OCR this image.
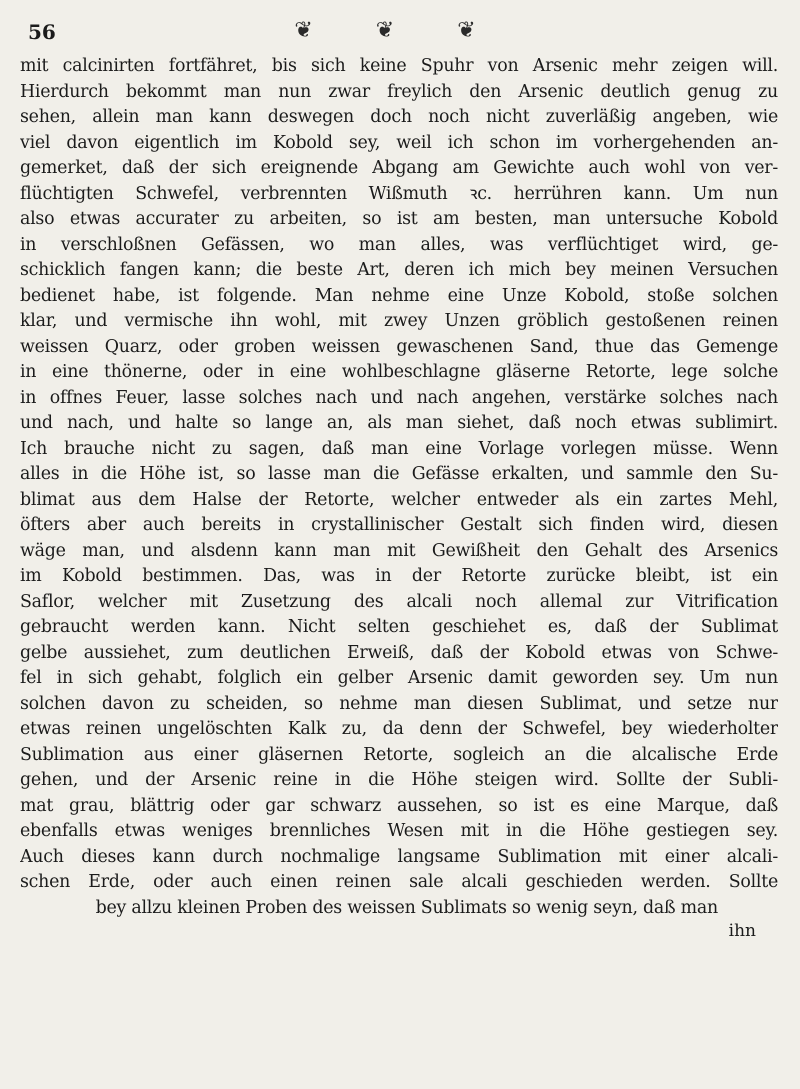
56	❦ ❦ ❦
mit calcinirten fortfähret, bis sich keine Spuhr von Arsenic mehr zeigen will.
Hierdurch bekommt man nun zwar freylich den Arsenic deutlich genug zu
sehen, allein man kann deswegen doch noch nicht zuverläßig angeben, wie
viel davon eigentlich im Kobold sey, weil ich schon im vorhergehenden an-
gemerket, daß der sich ereignende Abgang am Gewichte auch wohl von ver-
flüchtigten Schwefel, verbrennten Wißmuth ꝛc. herrühren kann. Um nun
also etwas accurater zu arbeiten, so ist am besten, man untersuche Kobold
in verschloßnen Gefässen, wo man alles, was verflüchtiget wird, ge-
schicklich fangen kann; die beste Art, deren ich mich bey meinen Versuchen
bedienet habe, ist folgende. Man nehme eine Unze Kobold, stoße solchen
klar, und vermische ihn wohl, mit zwey Unzen gröblich gestoßenen reinen
weissen Quarz, oder groben weissen gewaschenen Sand, thue das Gemenge
in eine thönerne, oder in eine wohlbeschlagne gläserne Retorte, lege solche
in offnes Feuer, lasse solches nach und nach angehen, verstärke solches nach
und nach, und halte so lange an, als man siehet, daß noch etwas sublimirt.
Ich brauche nicht zu sagen, daß man eine Vorlage vorlegen müsse. Wenn
alles in die Höhe ist, so lasse man die Gefässe erkalten, und sammle den Su-
blimat aus dem Halse der Retorte, welcher entweder als ein zartes Mehl,
öfters aber auch bereits in crystallinischer Gestalt sich finden wird, diesen
wäge man, und alsdenn kann man mit Gewißheit den Gehalt des Arsenics
im Kobold bestimmen. Das, was in der Retorte zurücke bleibt, ist ein
Saflor, welcher mit Zusetzung des alcali noch allemal zur Vitrification
gebraucht werden kann. Nicht selten geschiehet es, daß der Sublimat
gelbe aussiehet, zum deutlichen Erweiß, daß der Kobold etwas von Schwe-
fel in sich gehabt, folglich ein gelber Arsenic damit geworden sey. Um nun
solchen davon zu scheiden, so nehme man diesen Sublimat, und setze nur
etwas reinen ungelöschten Kalk zu, da denn der Schwefel, bey wiederholter
Sublimation aus einer gläsernen Retorte, sogleich an die alcalische Erde
gehen, und der Arsenic reine in die Höhe steigen wird. Sollte der Subli-
mat grau, blättrig oder gar schwarz aussehen, so ist es eine Marque, daß
ebenfalls etwas weniges brennliches Wesen mit in die Höhe gestiegen sey.
Auch dieses kann durch nochmalige langsame Sublimation mit einer alcali-
schen Erde, oder auch einen reinen sale alcali geschieden werden. Sollte
bey allzu kleinen Proben des weissen Sublimats so wenig seyn, daß man
ihn
